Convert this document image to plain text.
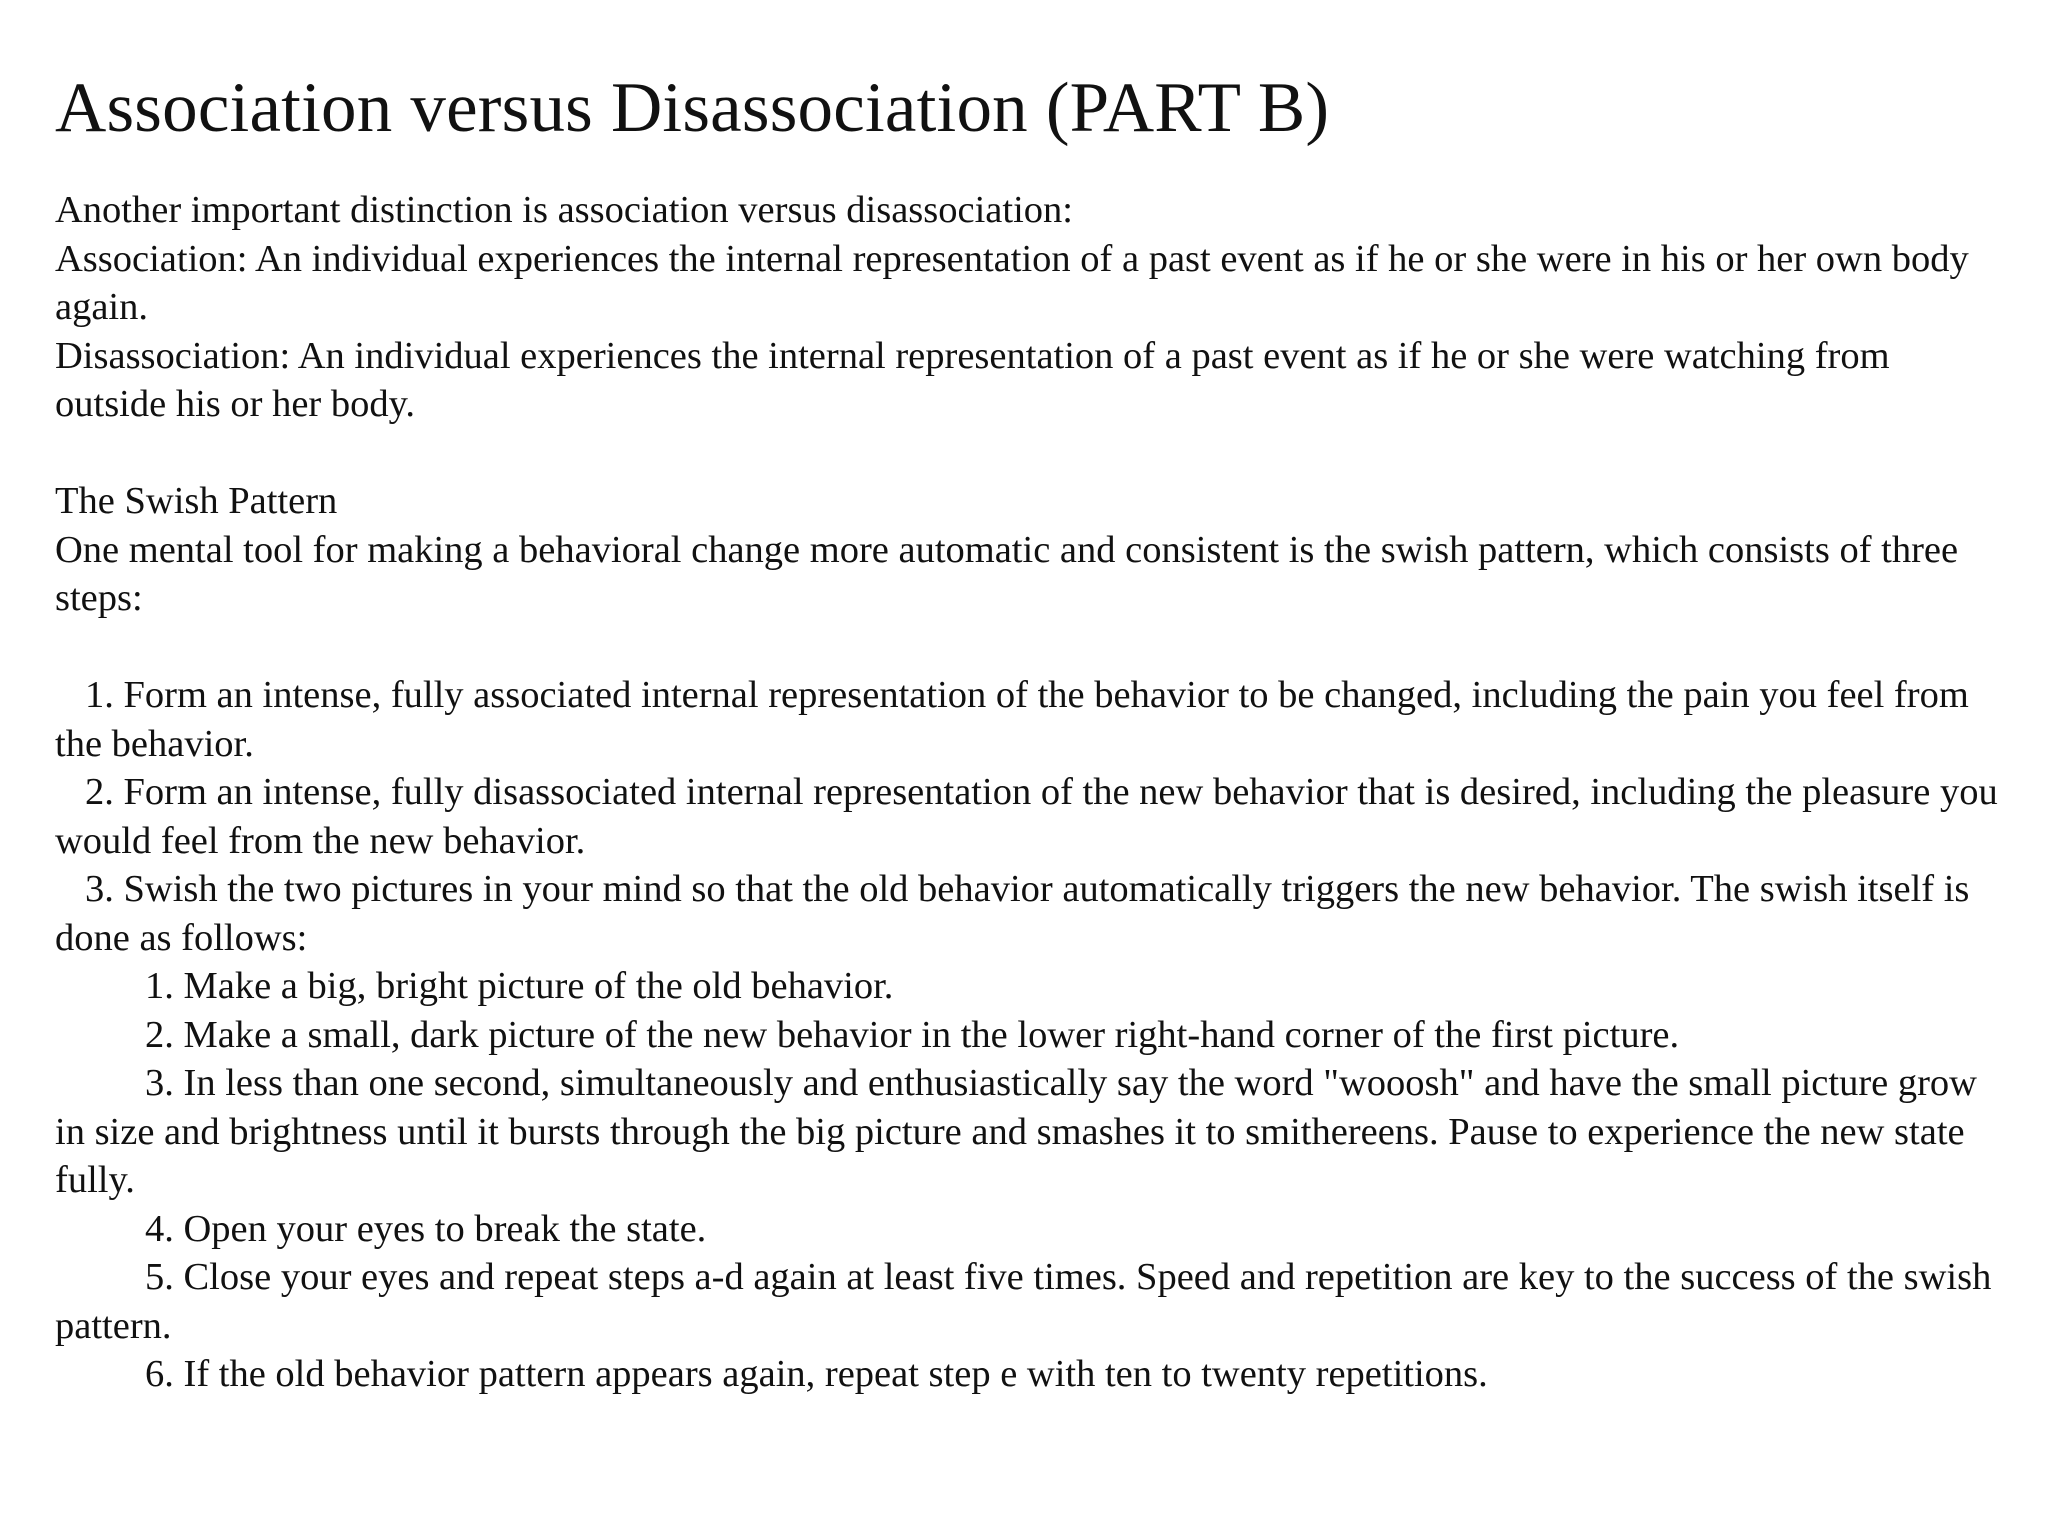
Association versus Disassociation (PART B)
Another important distinction is association versus disassociation:
Association: An individual experiences the internal representation of a past event as if he or she were in his or her own body again.
Disassociation: An individual experiences the internal representation of a past event as if he or she were watching from outside his or her body.
The Swish Pattern
One mental tool for making a behavioral change more automatic and consistent is the swish pattern, which consists of three steps:
1. Form an intense, fully associated internal representation of the behavior to be changed, including the pain you feel from the behavior.
2. Form an intense, fully disassociated internal representation of the new behavior that is desired, including the pleasure you would feel from the new behavior.
3. Swish the two pictures in your mind so that the old behavior automatically triggers the new behavior. The swish itself is done as follows:
1. Make a big, bright picture of the old behavior.
2. Make a small, dark picture of the new behavior in the lower right-hand corner of the first picture.
3. In less than one second, simultaneously and enthusiastically say the word "wooosh" and have the small picture grow in size and brightness until it bursts through the big picture and smashes it to smithereens. Pause to experience the new state fully.
4. Open your eyes to break the state.
5. Close your eyes and repeat steps a-d again at least five times. Speed and repetition are key to the success of the swish pattern.
6. If the old behavior pattern appears again, repeat step e with ten to twenty repetitions.
